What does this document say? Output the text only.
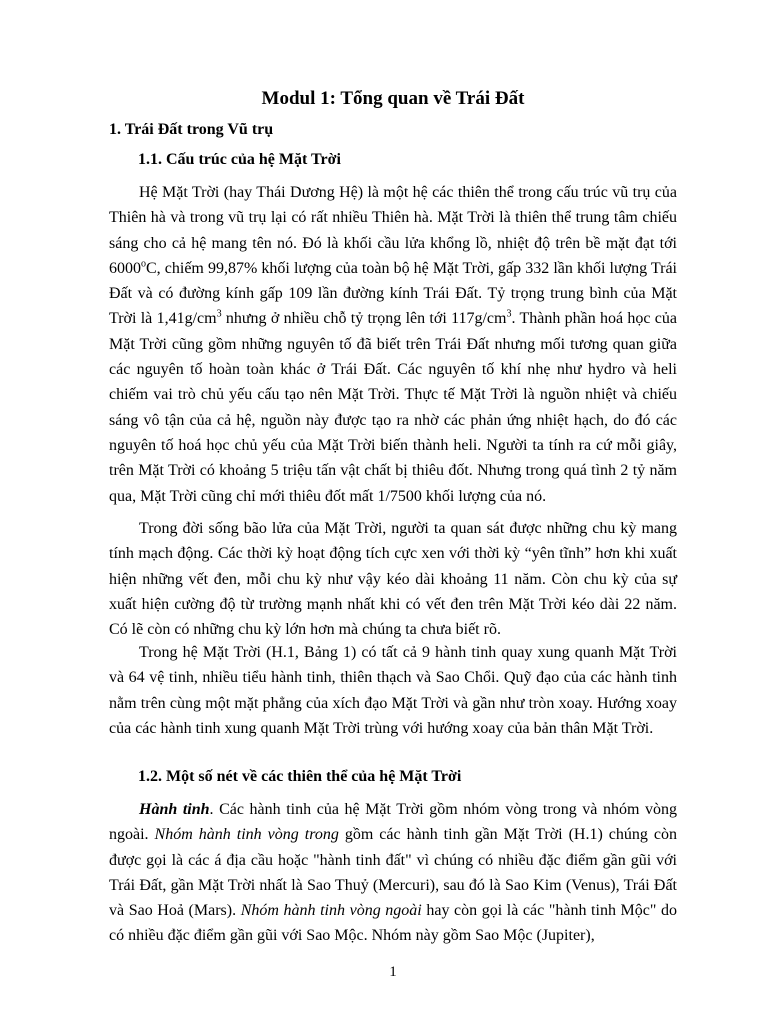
Modul 1: Tổng quan về Trái Đất
1. Trái Đất trong Vũ trụ
1.1. Cấu trúc của hệ Mặt Trời

Hệ Mặt Trời (hay Thái Dương Hệ) là một hệ các thiên thể trong cấu trúc vũ trụ của Thiên hà và trong vũ trụ lại có rất nhiều Thiên hà. Mặt Trời là thiên thể trung tâm chiếu sáng cho cả hệ mang tên nó. Đó là khối cầu lửa khổng lồ, nhiệt độ trên bề mặt đạt tới 6000$^o$C, chiếm 99,87% khối lượng của toàn bộ hệ Mặt Trời, gấp 332 lần khối lượng Trái Đất và có đường kính gấp 109 lần đường kính Trái Đất. Tỷ trọng trung bình của Mặt Trời là $1,41g/cm^3$ nhưng ở nhiều chỗ tỷ trọng lên tới $117g/cm^3$. Thành phần hoá học của Mặt Trời cũng gồm những nguyên tố đã biết trên Trái Đất nhưng mối tương quan giữa các nguyên tố hoàn toàn khác ở Trái Đất. Các nguyên tố khí nhẹ như hydro và heli chiếm vai trò chủ yếu cấu tạo nên Mặt Trời. Thực tế Mặt Trời là nguồn nhiệt và chiếu sáng vô tận của cả hệ, nguồn này được tạo ra nhờ các phản ứng nhiệt hạch, do đó các nguyên tố hoá học chủ yếu của Mặt Trời biến thành heli. Người ta tính ra cứ mỗi giây, trên Mặt Trời có khoảng 5 triệu tấn vật chất bị thiêu đốt. Nhưng trong quá tình 2 tỷ năm qua, Mặt Trời cũng chỉ mới thiêu đốt mất 1/7500 khối lượng của nó.

Trong đời sống bão lửa của Mặt Trời, người ta quan sát được những chu kỳ mang tính mạch động. Các thời kỳ hoạt động tích cực xen với thời kỳ “yên tĩnh” hơn khi xuất hiện những vết đen, mỗi chu kỳ như vậy kéo dài khoảng 11 năm. Còn chu kỳ của sự xuất hiện cường độ từ trường mạnh nhất khi có vết đen trên Mặt Trời kéo dài 22 năm. Có lẽ còn có những chu kỳ lớn hơn mà chúng ta chưa biết rõ.

Trong hệ Mặt Trời (H.1, Bảng 1) có tất cả 9 hành tinh quay xung quanh Mặt Trời và 64 vệ tinh, nhiều tiểu hành tinh, thiên thạch và Sao Chổi. Quỹ đạo của các hành tinh nằm trên cùng một mặt phẳng của xích đạo Mặt Trời và gần như tròn xoay. Hướng xoay của các hành tinh xung quanh Mặt Trời trùng với hướng xoay của bản thân Mặt Trời.

1.2. Một số nét về các thiên thể của hệ Mặt Trời

Hành tinh. Các hành tinh của hệ Mặt Trời gồm nhóm vòng trong và nhóm vòng ngoài. Nhóm hành tinh vòng trong gồm các hành tinh gần Mặt Trời (H.1) chúng còn được gọi là các á địa cầu hoặc "hành tinh đất" vì chúng có nhiều đặc điểm gần gũi với Trái Đất, gần Mặt Trời nhất là Sao Thuỷ (Mercuri), sau đó là Sao Kim (Venus), Trái Đất và Sao Hoả (Mars). Nhóm hành tinh vòng ngoài hay còn gọi là các "hành tinh Mộc" do có nhiều đặc điểm gần gũi với Sao Mộc. Nhóm này gồm Sao Mộc (Jupiter),

1
